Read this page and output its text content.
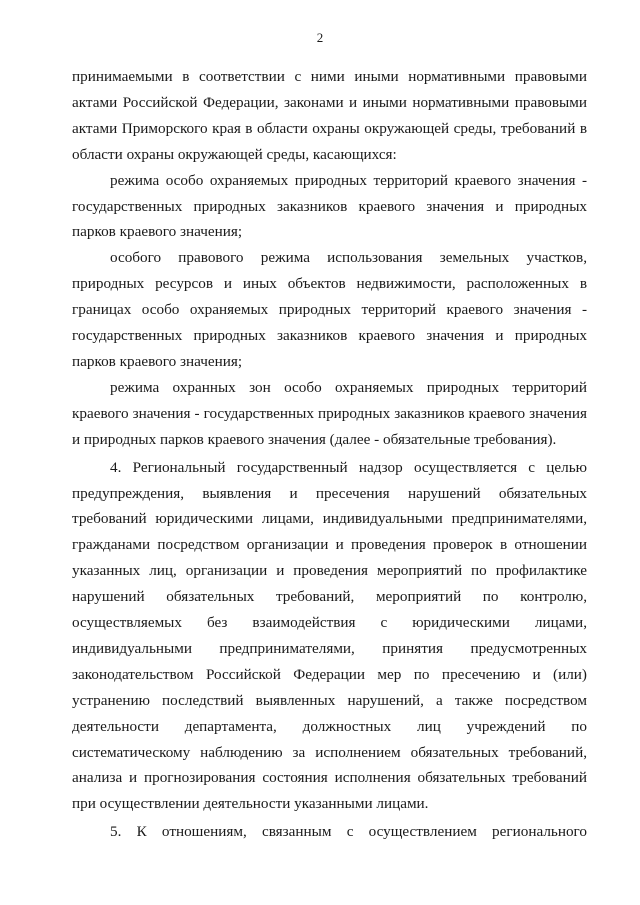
2

принимаемыми в соответствии с ними иными нормативными правовыми актами Российской Федерации, законами и иными нормативными правовыми актами Приморского края в области охраны окружающей среды, требований в области охраны окружающей среды, касающихся:

режима особо охраняемых природных территорий краевого значения - государственных природных заказников краевого значения и природных парков краевого значения;

особого правового режима использования земельных участков, природных ресурсов и иных объектов недвижимости, расположенных в границах особо охраняемых природных территорий краевого значения - государственных природных заказников краевого значения и природных парков краевого значения;

режима охранных зон особо охраняемых природных территорий краевого значения - государственных природных заказников краевого значения и природных парков краевого значения (далее - обязательные требования).

4. Региональный государственный надзор осуществляется с целью предупреждения, выявления и пресечения нарушений обязательных требований юридическими лицами, индивидуальными предпринимателями, гражданами посредством организации и проведения проверок в отношении указанных лиц, организации и проведения мероприятий по профилактике нарушений обязательных требований, мероприятий по контролю, осуществляемых без взаимодействия с юридическими лицами, индивидуальными предпринимателями, принятия предусмотренных законодательством Российской Федерации мер по пресечению и (или) устранению последствий выявленных нарушений, а также посредством деятельности департамента, должностных лиц учреждений по систематическому наблюдению за исполнением обязательных требований, анализа и прогнозирования состояния исполнения обязательных требований при осуществлении деятельности указанными лицами.

5. К отношениям, связанным с осуществлением регионального
